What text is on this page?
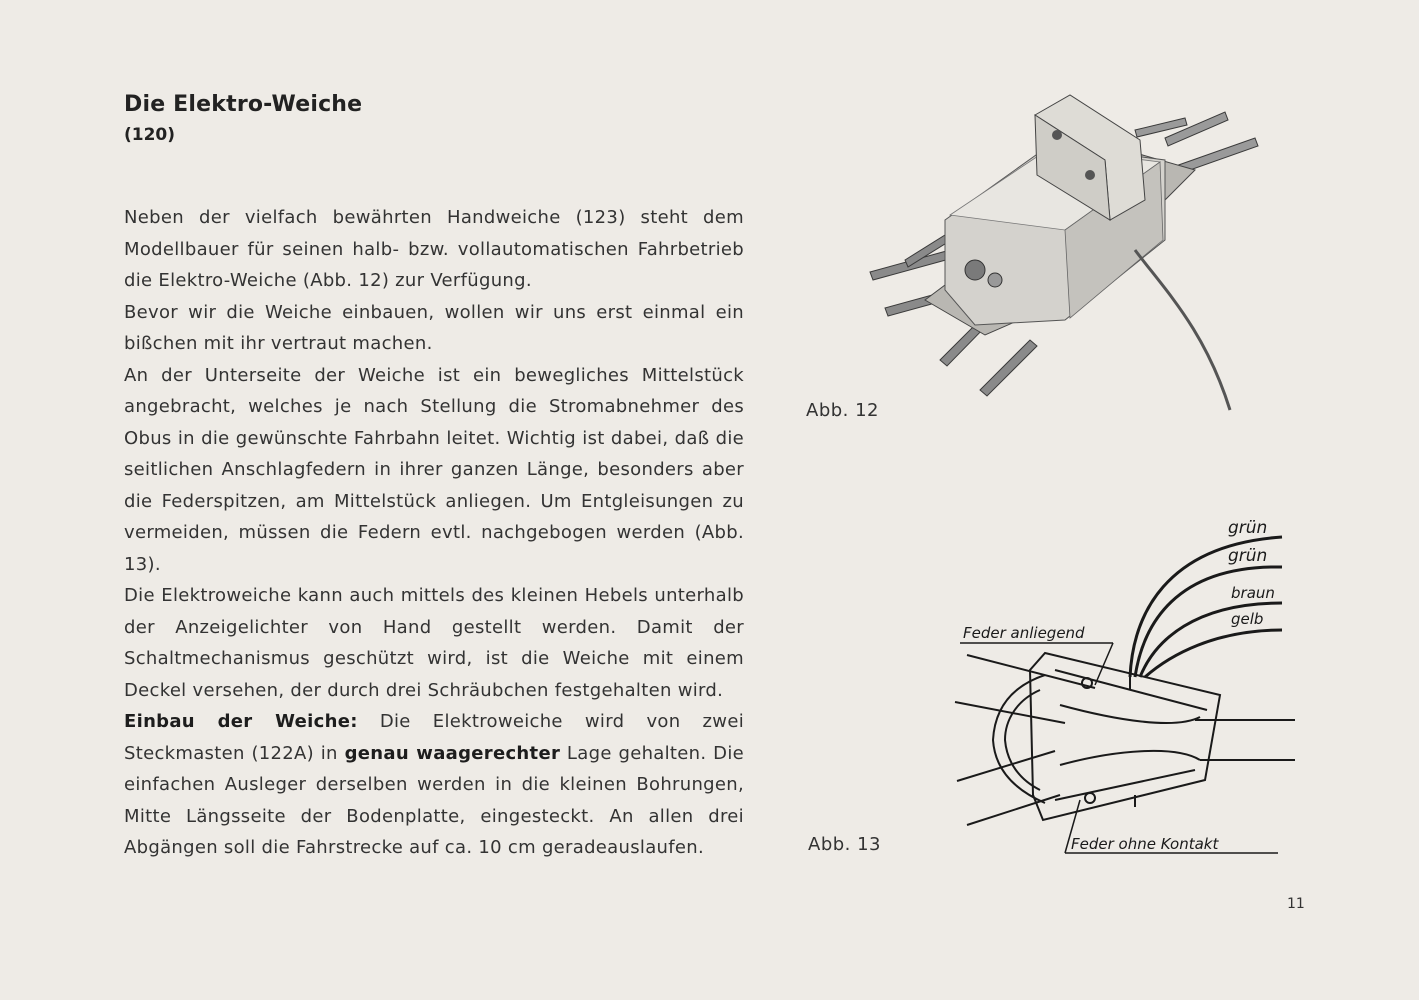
Die Elektro-Weiche
(120)

Neben der vielfach bewährten Handweiche (123) steht dem Modellbauer für seinen halb- bzw. vollautomatischen Fahrbetrieb die Elektro-Weiche (Abb. 12) zur Verfügung.

Bevor wir die Weiche einbauen, wollen wir uns erst einmal ein bißchen mit ihr vertraut machen.

An der Unterseite der Weiche ist ein bewegliches Mittelstück angebracht, welches je nach Stellung die Stromabnehmer des Obus in die gewünschte Fahrbahn leitet. Wichtig ist dabei, daß die seitlichen Anschlagfedern in ihrer ganzen Länge, besonders aber die Federspitzen, am Mittelstück anliegen. Um Entgleisungen zu vermeiden, müssen die Federn evtl. nachgebogen werden (Abb. 13).

Die Elektroweiche kann auch mittels des kleinen Hebels unterhalb der Anzeigelichter von Hand gestellt werden. Damit der Schaltmechanismus geschützt wird, ist die Weiche mit einem Deckel versehen, der durch drei Schräubchen festgehalten wird.

Einbau der Weiche: Die Elektroweiche wird von zwei Steckmasten (122A) in genau waagerechter Lage gehalten. Die einfachen Ausleger derselben werden in die kleinen Bohrungen, Mitte Längsseite der Bodenplatte, eingesteckt. An allen drei Abgängen soll die Fahrstrecke auf ca. 10 cm geradeauslaufen.

Abb. 12
grün
grün
braun
gelb
Feder anliegend
Feder ohne Kontakt
Abb. 13
11
